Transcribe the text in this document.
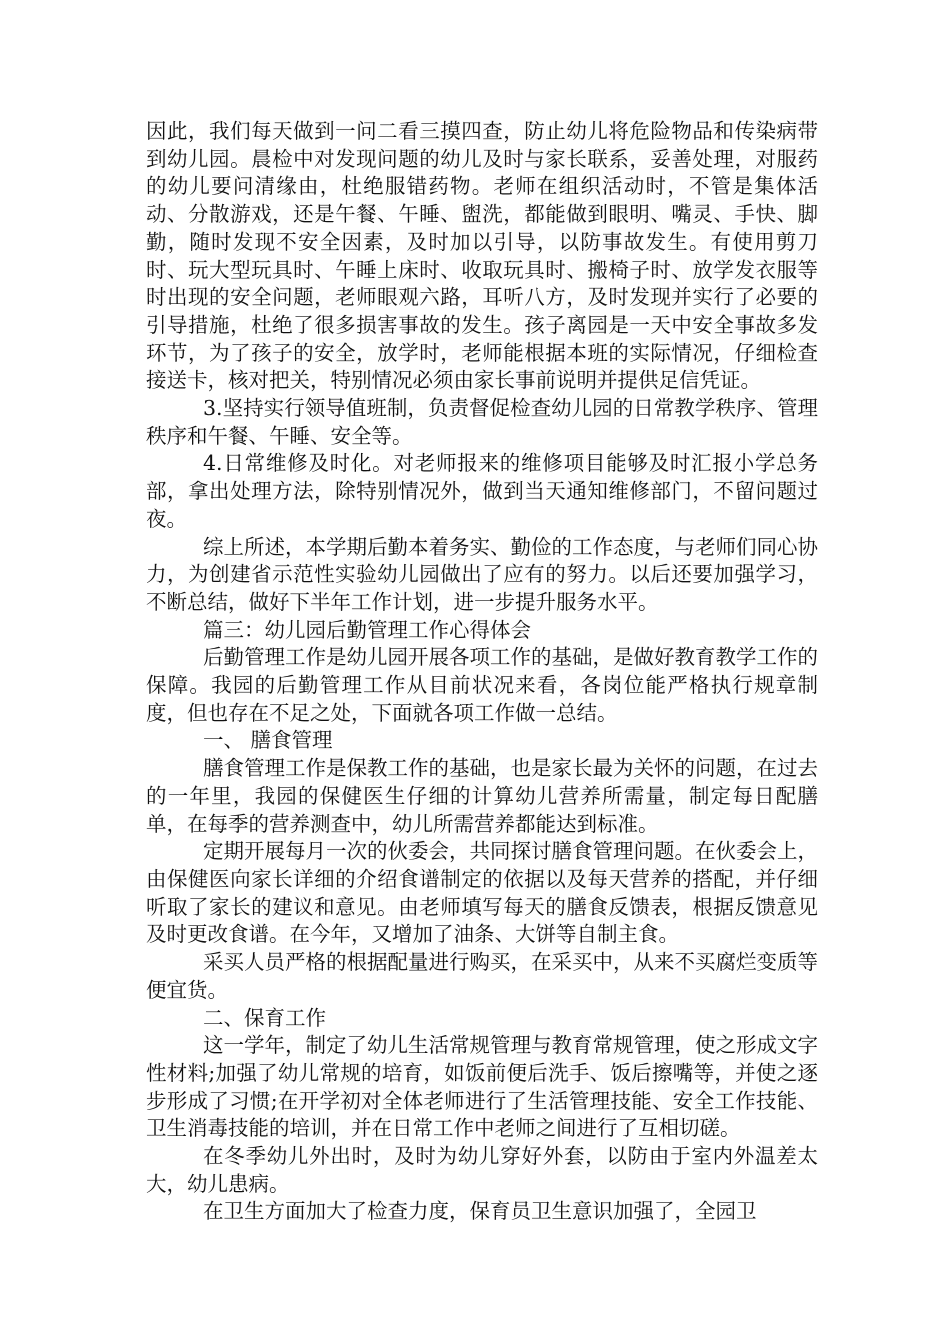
因此，我们每天做到一问二看三摸四查，防止幼儿将危险物品和传染病带到幼儿园。晨检中对发现问题的幼儿及时与家长联系，妥善处理，对服药的幼儿要问清缘由，杜绝服错药物。老师在组织活动时，不管是集体活动、分散游戏，还是午餐、午睡、盥洗，都能做到眼明、嘴灵、手快、脚勤，随时发现不安全因素，及时加以引导，以防事故发生。有使用剪刀时、玩大型玩具时、午睡上床时、收取玩具时、搬椅子时、放学发衣服等时出现的安全问题，老师眼观六路，耳听八方，及时发现并实行了必要的引导措施，杜绝了很多损害事故的发生。孩子离园是一天中安全事故多发环节，为了孩子的安全，放学时，老师能根据本班的实际情况，仔细检查接送卡，核对把关，特别情况必须由家长事前说明并提供足信凭证。

3.坚持实行领导值班制，负责督促检查幼儿园的日常教学秩序、管理秩序和午餐、午睡、安全等。

4.日常维修及时化。对老师报来的维修项目能够及时汇报小学总务部，拿出处理方法，除特别情况外，做到当天通知维修部门，不留问题过夜。

综上所述，本学期后勤本着务实、勤俭的工作态度，与老师们同心协力，为创建省示范性实验幼儿园做出了应有的努力。以后还要加强学习，不断总结，做好下半年工作计划，进一步提升服务水平。

篇三：幼儿园后勤管理工作心得体会

后勤管理工作是幼儿园开展各项工作的基础，是做好教育教学工作的保障。我园的后勤管理工作从目前状况来看，各岗位能严格执行规章制度，但也存在不足之处，下面就各项工作做一总结。

一、 膳食管理

膳食管理工作是保教工作的基础，也是家长最为关怀的问题，在过去的一年里，我园的保健医生仔细的计算幼儿营养所需量，制定每日配膳单，在每季的营养测查中，幼儿所需营养都能达到标准。

定期开展每月一次的伙委会，共同探讨膳食管理问题。在伙委会上，由保健医向家长详细的介绍食谱制定的依据以及每天营养的搭配，并仔细听取了家长的建议和意见。由老师填写每天的膳食反馈表，根据反馈意见及时更改食谱。在今年，又增加了油条、大饼等自制主食。

采买人员严格的根据配量进行购买，在采买中，从来不买腐烂变质等便宜货。

二、保育工作

这一学年，制定了幼儿生活常规管理与教育常规管理，使之形成文字性材料;加强了幼儿常规的培育，如饭前便后洗手、饭后擦嘴等，并使之逐步形成了习惯;在开学初对全体老师进行了生活管理技能、安全工作技能、卫生消毒技能的培训，并在日常工作中老师之间进行了互相切磋。

在冬季幼儿外出时，及时为幼儿穿好外套，以防由于室内外温差太大，幼儿患病。

在卫生方面加大了检查力度，保育员卫生意识加强了，全园卫
